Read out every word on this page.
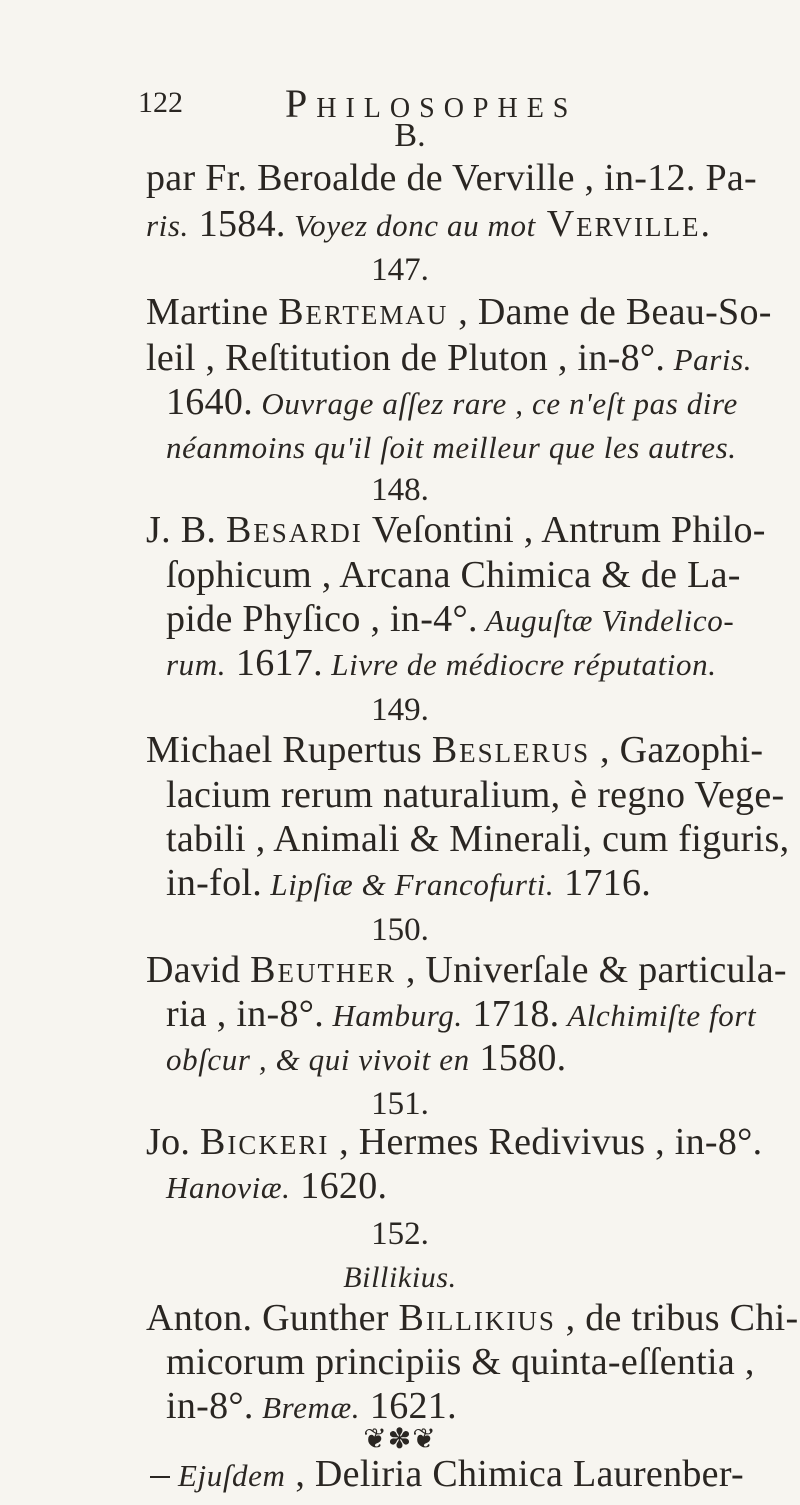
122	Philosophes
B.
par Fr. Beroalde de Verville , in-12. Pa-
ris. 1584. Voyez donc au mot Verville.
147.
Martine Bertemau , Dame de Beau-So-
leil , Reſtitution de Pluton , in-8°. Paris.
1640. Ouvrage aſſez rare , ce n'eſt pas dire
néanmoins qu'il ſoit meilleur que les autres.
148.
J. B. Besardi Veſontini , Antrum Philo-
ſophicum , Arcana Chimica & de La-
pide Phyſico , in-4°. Auguſtæ Vindelico-
rum. 1617. Livre de médiocre réputation.
149.
Michael Rupertus Beslerus , Gazophi-
lacium rerum naturalium, è regno Vege-
tabili , Animali & Minerali, cum figuris,
in-fol. Lipſiæ & Francofurti. 1716.
150.
David Beuther , Univerſale & particula-
ria , in-8°. Hamburg. 1718. Alchimiſte fort
obſcur , & qui vivoit en 1580.
151.
Jo. Bickeri , Hermes Redivivus , in-8°.
Hanoviæ. 1620.
152.
Billikius.
Anton. Gunther Billikius , de tribus Chi-
micorum principiis & quinta-eſſentia ,
in-8°. Bremæ. 1621.
❦✽❦
Ejuſdem , Deliria Chimica Laurenber-
